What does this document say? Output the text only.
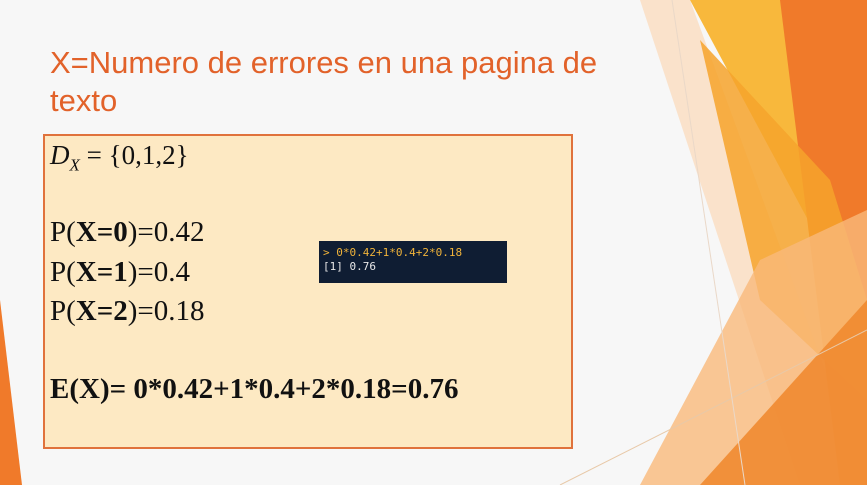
X=Numero de errores en una pagina de texto
$D_X = \{0,1,2\}$
P(X=0)=0.42
P(X=1)=0.4
P(X=2)=0.18
E(X)= 0*0.42+1*0.4+2*0.18=0.76
> 0*0.42+1*0.4+2*0.18
[1] 0.76
